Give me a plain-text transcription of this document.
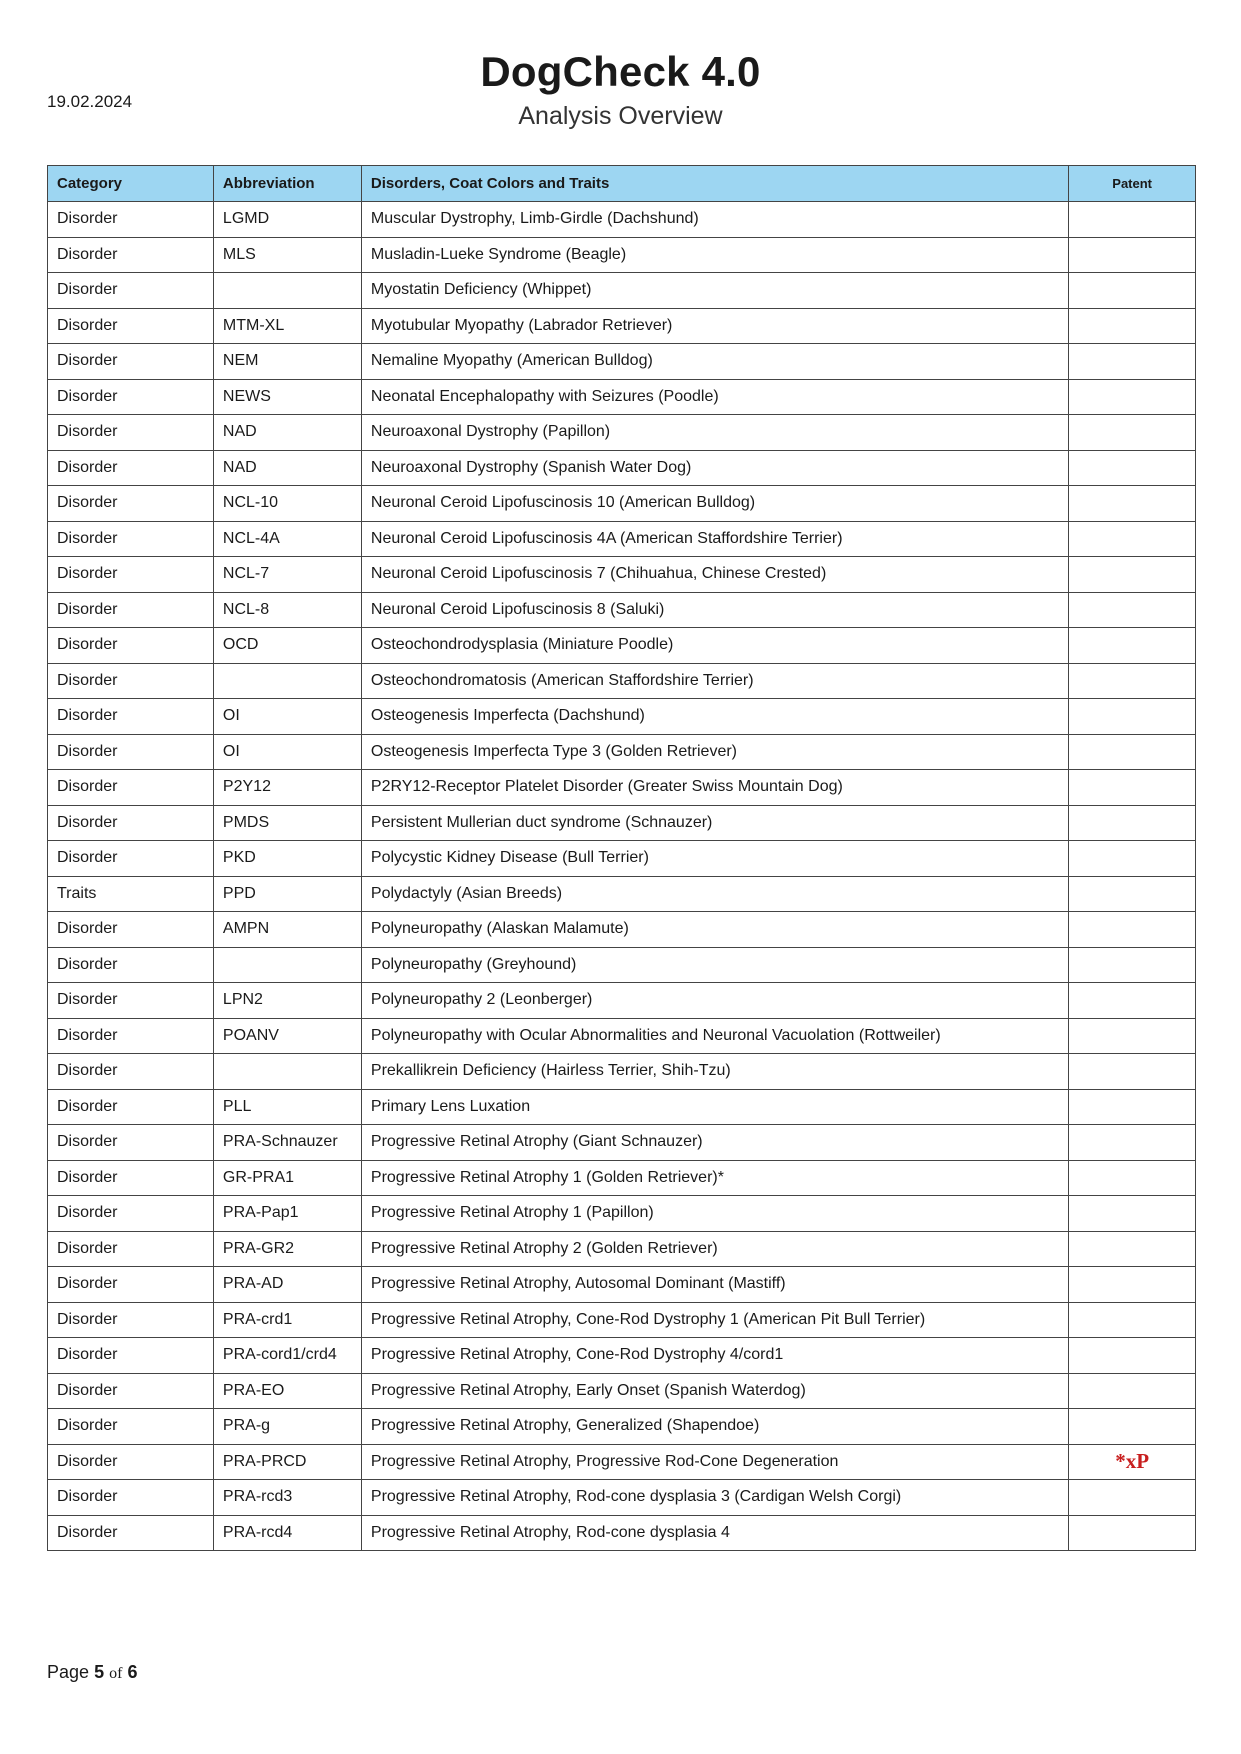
19.02.2024
DogCheck 4.0
Analysis Overview
Category	Abbreviation	Disorders, Coat Colors and Traits	Patent
Disorder	LGMD	Muscular Dystrophy, Limb-Girdle (Dachshund)	
Disorder	MLS	Musladin-Lueke Syndrome (Beagle)	
Disorder		Myostatin Deficiency (Whippet)	
Disorder	MTM-XL	Myotubular Myopathy (Labrador Retriever)	
Disorder	NEM	Nemaline Myopathy (American Bulldog)	
Disorder	NEWS	Neonatal Encephalopathy with Seizures (Poodle)	
Disorder	NAD	Neuroaxonal Dystrophy (Papillon)	
Disorder	NAD	Neuroaxonal Dystrophy (Spanish Water Dog)	
Disorder	NCL-10	Neuronal Ceroid Lipofuscinosis 10 (American Bulldog)	
Disorder	NCL-4A	Neuronal Ceroid Lipofuscinosis 4A (American Staffordshire Terrier)	
Disorder	NCL-7	Neuronal Ceroid Lipofuscinosis 7 (Chihuahua, Chinese Crested)	
Disorder	NCL-8	Neuronal Ceroid Lipofuscinosis 8 (Saluki)	
Disorder	OCD	Osteochondrodysplasia (Miniature Poodle)	
Disorder		Osteochondromatosis (American Staffordshire Terrier)	
Disorder	OI	Osteogenesis Imperfecta (Dachshund)	
Disorder	OI	Osteogenesis Imperfecta Type 3 (Golden Retriever)	
Disorder	P2Y12	P2RY12-Receptor Platelet Disorder (Greater Swiss Mountain Dog)	
Disorder	PMDS	Persistent Mullerian duct syndrome (Schnauzer)	
Disorder	PKD	Polycystic Kidney Disease (Bull Terrier)	
Traits	PPD	Polydactyly (Asian Breeds)	
Disorder	AMPN	Polyneuropathy (Alaskan Malamute)	
Disorder		Polyneuropathy (Greyhound)	
Disorder	LPN2	Polyneuropathy 2 (Leonberger)	
Disorder	POANV	Polyneuropathy with Ocular Abnormalities and Neuronal Vacuolation (Rottweiler)	
Disorder		Prekallikrein Deficiency (Hairless Terrier, Shih-Tzu)	
Disorder	PLL	Primary Lens Luxation	
Disorder	PRA-Schnauzer	Progressive Retinal Atrophy (Giant Schnauzer)	
Disorder	GR-PRA1	Progressive Retinal Atrophy 1 (Golden Retriever)*	
Disorder	PRA-Pap1	Progressive Retinal Atrophy 1 (Papillon)	
Disorder	PRA-GR2	Progressive Retinal Atrophy 2 (Golden Retriever)	
Disorder	PRA-AD	Progressive Retinal Atrophy, Autosomal Dominant (Mastiff)	
Disorder	PRA-crd1	Progressive Retinal Atrophy, Cone-Rod Dystrophy 1 (American Pit Bull Terrier)	
Disorder	PRA-cord1/crd4	Progressive Retinal Atrophy, Cone-Rod Dystrophy 4/cord1	
Disorder	PRA-EO	Progressive Retinal Atrophy, Early Onset (Spanish Waterdog)	
Disorder	PRA-g	Progressive Retinal Atrophy, Generalized (Shapendoe)	
Disorder	PRA-PRCD	Progressive Retinal Atrophy, Progressive Rod-Cone Degeneration	*xP
Disorder	PRA-rcd3	Progressive Retinal Atrophy, Rod-cone dysplasia 3 (Cardigan Welsh Corgi)	
Disorder	PRA-rcd4	Progressive Retinal Atrophy, Rod-cone dysplasia 4	
Page 5 of 6
